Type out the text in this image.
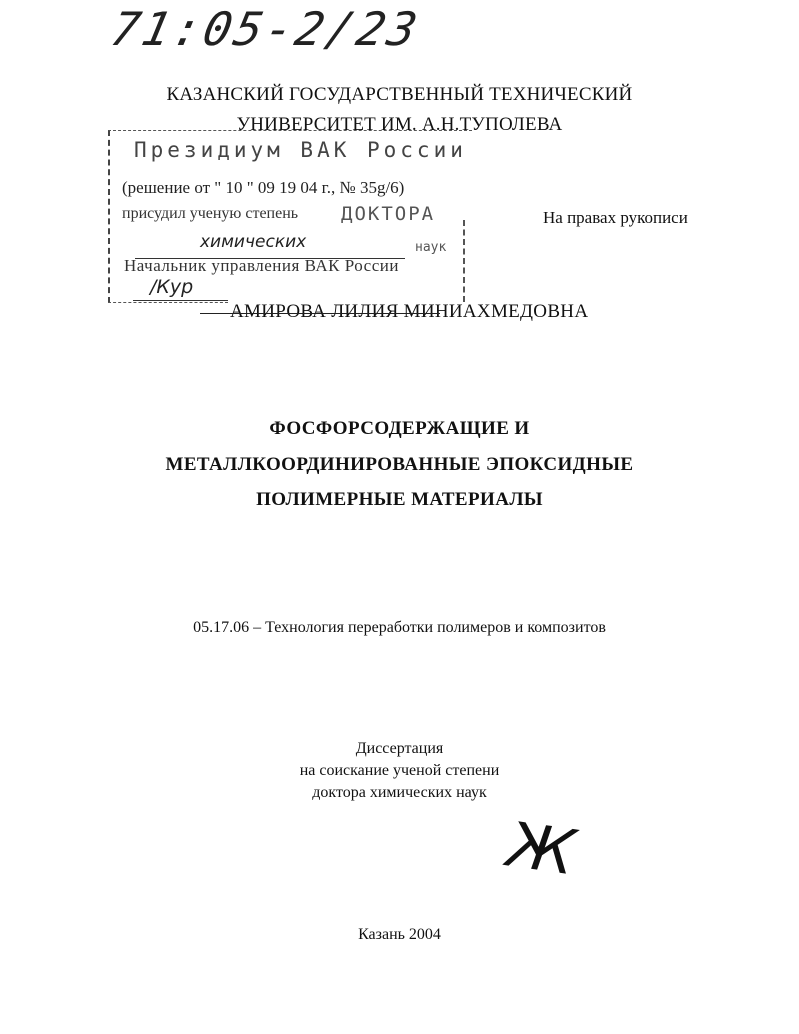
71:05-2/23
КАЗАНСКИЙ ГОСУДАРСТВЕННЫЙ ТЕХНИЧЕСКИЙ
УНИВЕРСИТЕТ ИМ. А.Н.ТУПОЛЕВА
Президиум ВАК России
(решение от " 10 " 09 19 04 г., № 35g/6)
присудил ученую степень ДОКТОРА
химических	наук
Начальник управления ВАК России
/Кур
На правах рукописи
АМИРОВА ЛИЛИЯ МИНИАХМЕДОВНА
ФОСФОРСОДЕРЖАЩИЕ И
МЕТАЛЛКООРДИНИРОВАННЫЕ ЭПОКСИДНЫЕ
ПОЛИМЕРНЫЕ МАТЕРИАЛЫ
05.17.06 – Технология переработки полимеров и композитов
Диссертация
на соискание ученой степени
доктора химических наук
Ж
Казань 2004
